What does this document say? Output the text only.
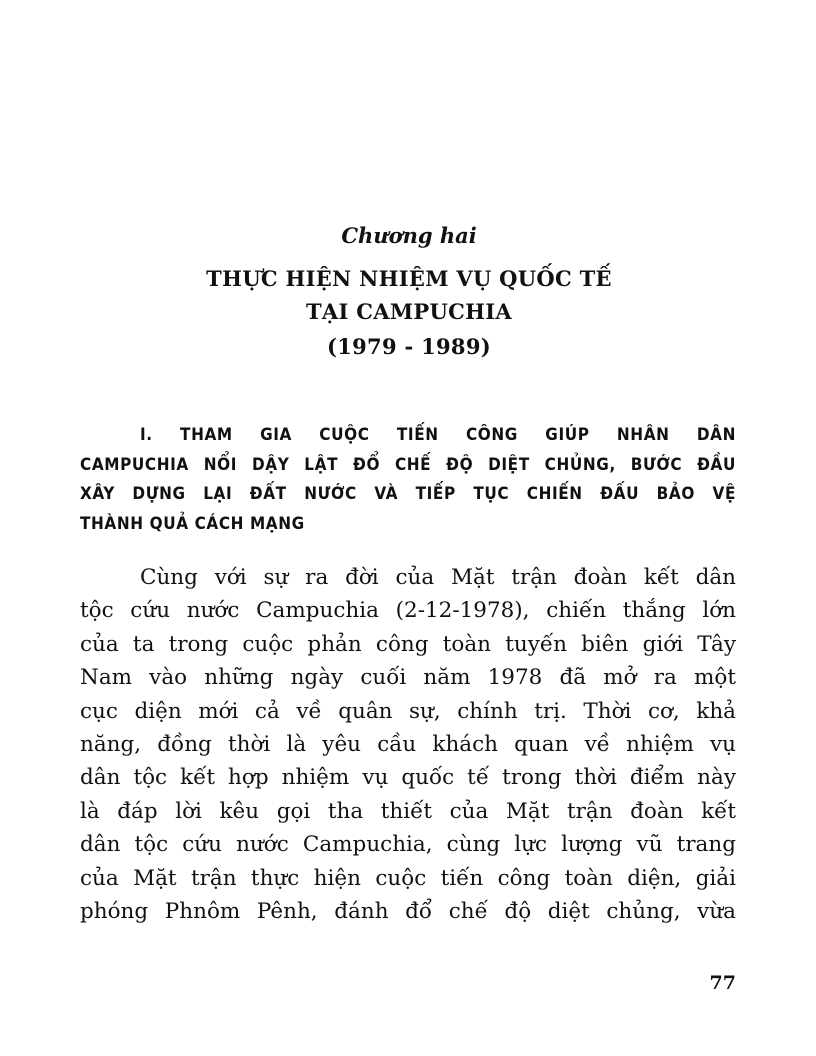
Chương hai
THỰC HIỆN NHIỆM VỤ QUỐC TẾ
TẠI CAMPUCHIA
(1979 - 1989)
I. THAM GIA CUỘC TIẾN CÔNG GIÚP NHÂN DÂN
CAMPUCHIA NỔI DẬY LẬT ĐỔ CHẾ ĐỘ DIỆT CHỦNG, BƯỚC ĐẦU
XÂY DỰNG LẠI ĐẤT NƯỚC VÀ TIẾP TỤC CHIẾN ĐẤU BẢO VỆ
THÀNH QUẢ CÁCH MẠNG
Cùng với sự ra đời của Mặt trận đoàn kết dân
tộc cứu nước Campuchia (2-12-1978), chiến thắng lớn
của ta trong cuộc phản công toàn tuyến biên giới Tây
Nam vào những ngày cuối năm 1978 đã mở ra một
cục diện mới cả về quân sự, chính trị. Thời cơ, khả
năng, đồng thời là yêu cầu khách quan về nhiệm vụ
dân tộc kết hợp nhiệm vụ quốc tế trong thời điểm này
là đáp lời kêu gọi tha thiết của Mặt trận đoàn kết
dân tộc cứu nước Campuchia, cùng lực lượng vũ trang
của Mặt trận thực hiện cuộc tiến công toàn diện, giải
phóng Phnôm Pênh, đánh đổ chế độ diệt chủng, vừa
77
